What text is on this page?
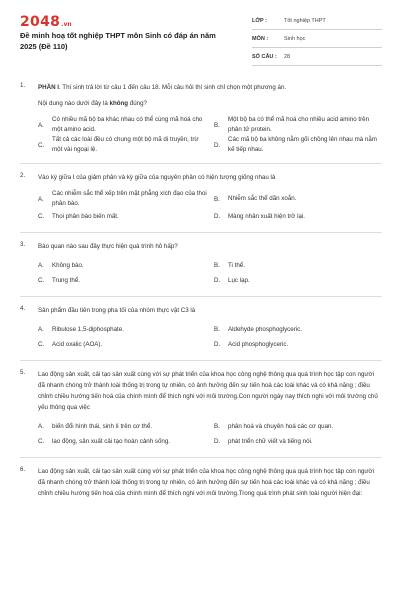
2048 .vn
Đề minh hoạ tốt nghiệp THPT môn Sinh có đáp án năm 2025 (Đề 110)
LỚP :	Tốt nghiệp THPT
MÔN :	Sinh học
SỐ CÂU :	28
1. PHẦN I. Thí sinh trả lời từ câu 1 đến câu 18. Mỗi câu hỏi thí sinh chỉ chọn một phương án.
Nội dung nào dưới đây là không đúng?
A.
Có nhiều mã bộ ba khác nhau có thể cùng mã hoá cho một amino acid.
B.
Một bộ ba có thể mã hoá cho nhiều acid amino trên phân tử protein.
C.
Tất cả các loài đều có chung một bộ mã di truyền, trừ một vài ngoại lệ.
D.
Các mã bộ ba không nằm gối chồng lên nhau mà nằm kế tiếp nhau.
2. Vào kỳ giữa I của giảm phân và kỳ giữa của nguyên phân có hiện tượng giống nhau là
A.
Các nhiễm sắc thể xếp trên mặt phẳng xích đạo của thoi phân bào.
B. Nhiễm sắc thể dãn xoắn.
C. Thoi phân bào biến mất.	D. Màng nhân xuất hiện trở lại.
3. Bào quan nào sau đây thực hiện quá trình hô hấp?
A. Không bào.	B. Ti thể.
C. Trung thể.	D. Lục lạp.
4. Sản phẩm đầu tiên trong pha tối của nhóm thực vật C3 là
A. Ribulose 1,5-diphosphate.	B. Aldehyde phosphoglyceric.
C. Acid oxalic (AOA).	D. Acid phosphoglyceric.
5. Lao động sản xuất, cải tạo sản xuất cùng với sự phát triển của khoa học công nghệ thông qua quá trình học tập con người đã nhanh chóng trở thành loài thống trị trong tự nhiên, có ảnh hưởng đến sự tiến hoá các loài khác và có khả năng ; điều chỉnh chiều hướng tiến hoá của chính mình để thích nghi với môi trường.Con người ngày nay thích nghi với môi trường chủ yếu thông qua việc
A. biến đổi hình thái, sinh lí trên cơ thể.	B. phân hoá và chuyên hoá các cơ quan.
C. lao động, sản xuất cải tạo hoàn cảnh sống.	D. phát triển chữ viết và tiếng nói.
6. Lao động sản xuất, cải tạo sản xuất cùng với sự phát triển của khoa học công nghệ thông qua quá trình học tập con người đã nhanh chóng trở thành loài thống trị trong tự nhiên, có ảnh hưởng đến sự tiến hoá các loài khác và có khả năng ; điều chỉnh chiều hướng tiến hoá của chính mình để thích nghi với môi trường.Trong quá trình phát sinh loài người hiện đại:
